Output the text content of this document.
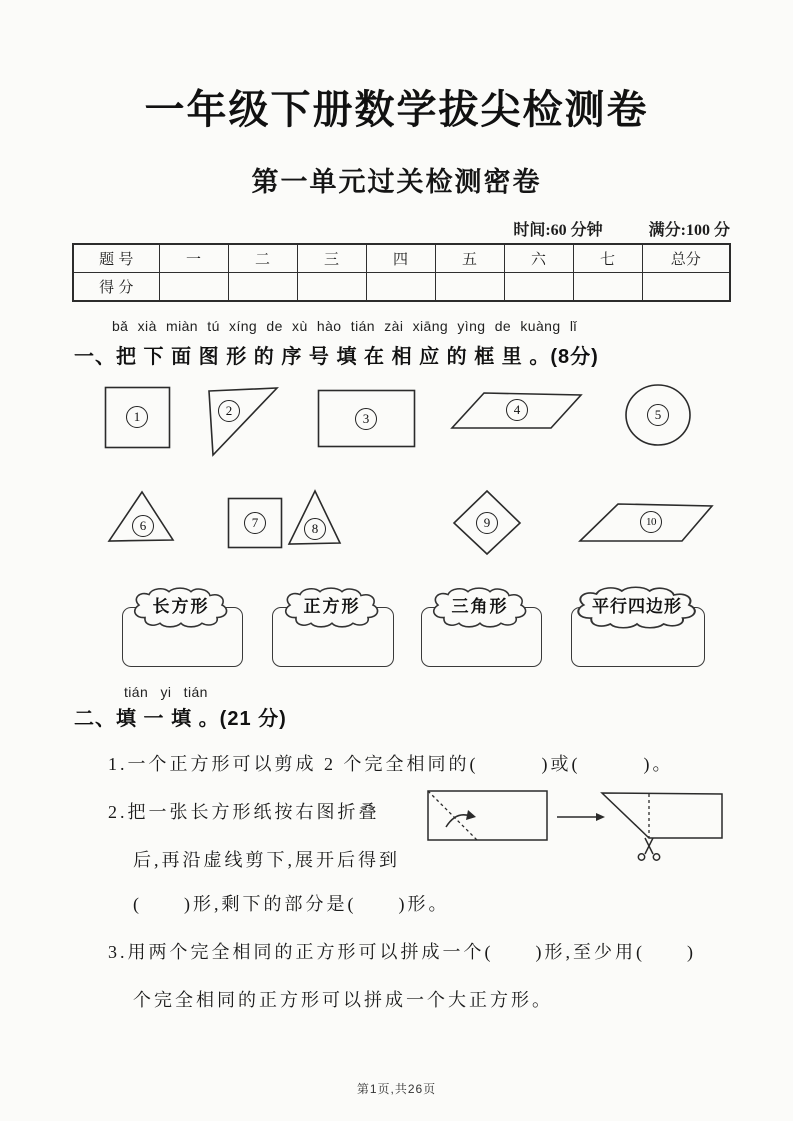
一年级下册数学拔尖检测卷
第一单元过关检测密卷
时间:60 分钟	满分:100 分
题 号	一	二	三	四	五	六	七	总分
得 分								
bǎ xià miàn tú xíng de xù hào tián zài xiāng yìng de kuàng lǐ
一、把 下 面 图 形 的 序 号 填 在 相 应 的 框 里 。(8分)
1	2
3
4	5
6	7	8	9	10
长方形	正方形	三角形	平行四边形
tián yi tián
二、填 一 填 。(21 分)
1.一个正方形可以剪成 2 个完全相同的(　　　)或(　　　)。
2.把一张长方形纸按右图折叠
后,再沿虚线剪下,展开后得到
(　　)形,剩下的部分是(　　)形。
3.用两个完全相同的正方形可以拼成一个(　　)形,至少用(　　)
个完全相同的正方形可以拼成一个大正方形。
第1页,共26页
